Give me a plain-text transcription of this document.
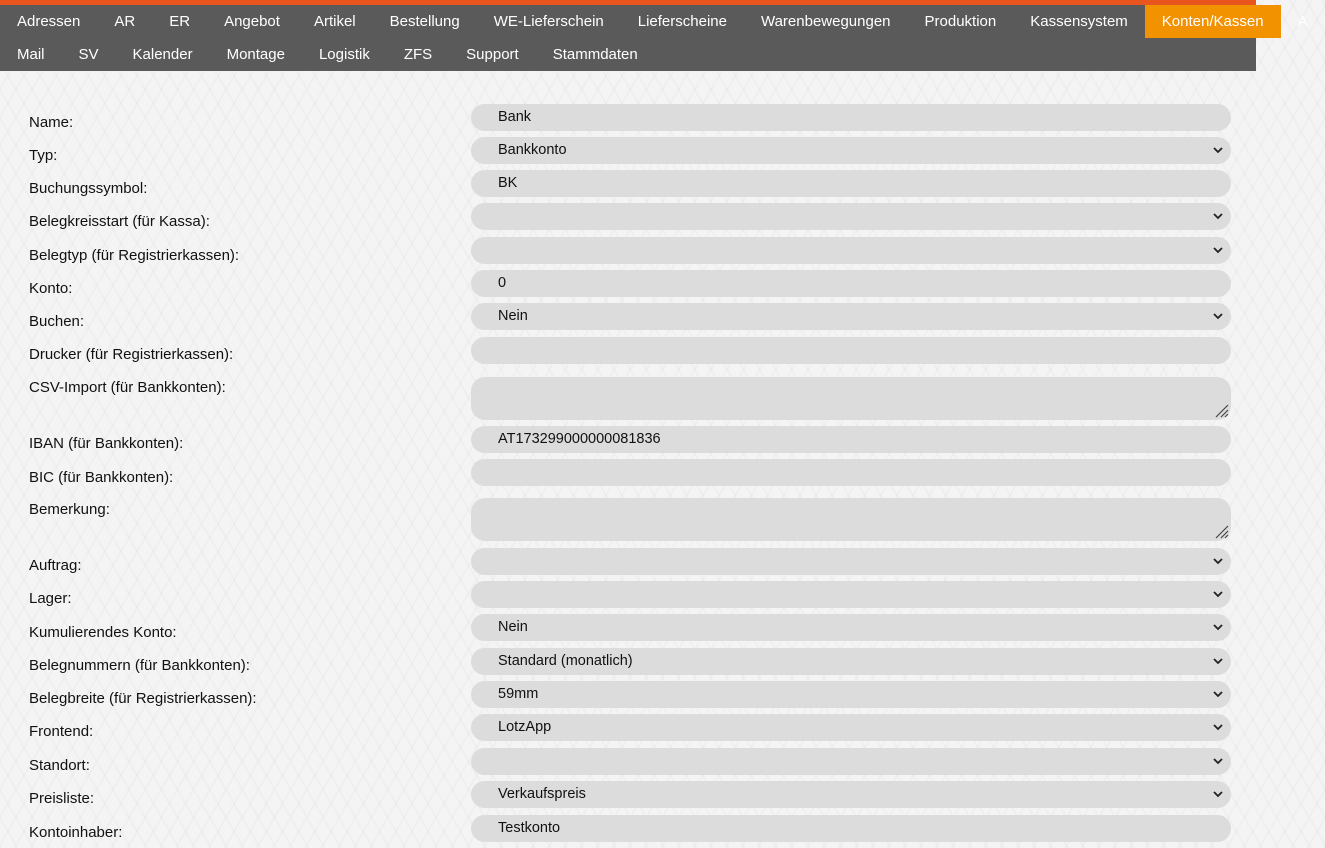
Adressen	AR	ER	Angebot	Artikel	Bestellung	WE-Lieferschein	Lieferscheine	Warenbewegungen	Produktion	Kassensystem	Konten/Kassen	A
Mail	SV	Kalender	Montage	Logistik	ZFS	Support	Stammdaten
Name:	Bank
Typ:	Bankkonto
Buchungssymbol:	BK
Belegkreisstart (für Kassa):
Belegtyp (für Registrierkassen):
Konto:	0
Buchen:	Nein
Drucker (für Registrierkassen):
CSV-Import (für Bankkonten):
IBAN (für Bankkonten):	AT173299000000081836
BIC (für Bankkonten):
Bemerkung:
Auftrag:
Lager:
Kumulierendes Konto:	Nein
Belegnummern (für Bankkonten):	Standard (monatlich)
Belegbreite (für Registrierkassen):	59mm
Frontend:	LotzApp
Standort:
Preisliste:	Verkaufspreis
Kontoinhaber:	Testkonto
